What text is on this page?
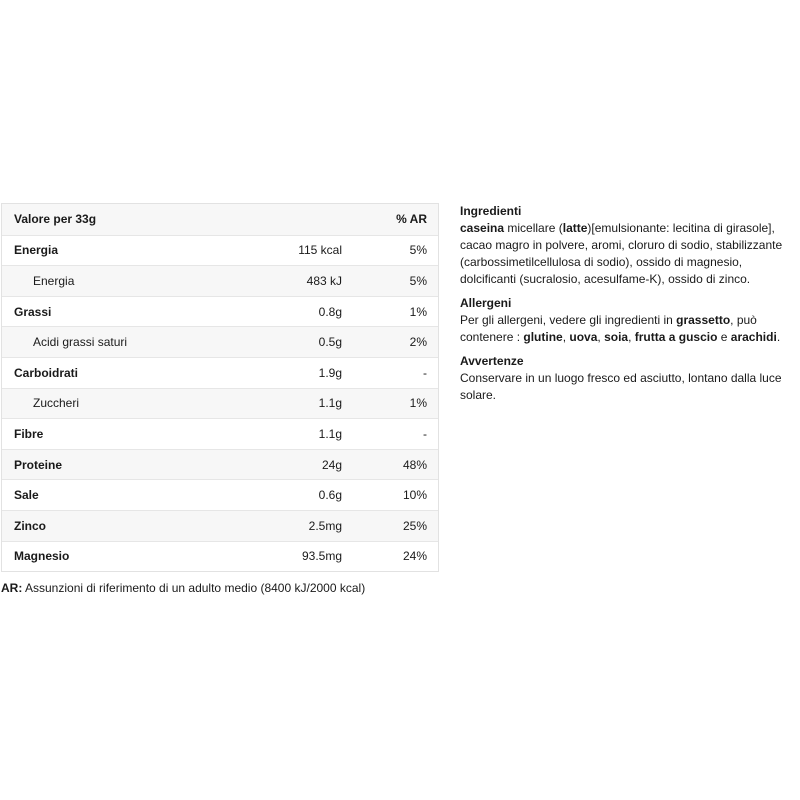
Valore per 33g	% AR
Energia	115 kcal	5%
Energia	483 kJ	5%
Grassi	0.8g	1%
Acidi grassi saturi	0.5g	2%
Carboidrati	1.9g	-
Zuccheri	1.1g	1%
Fibre	1.1g	-
Proteine	24g	48%
Sale	0.6g	10%
Zinco	2.5mg	25%
Magnesio	93.5mg	24%
AR: Assunzioni di riferimento di un adulto medio (8400 kJ/2000 kcal)
Ingredienti
caseina micellare (latte)[emulsionante: lecitina di girasole], cacao magro in polvere, aromi, cloruro di sodio, stabilizzante (carbossimetilcellulosa di sodio), ossido di magnesio, dolcificanti (sucralosio, acesulfame-K), ossido di zinco.
Allergeni
Per gli allergeni, vedere gli ingredienti in grassetto, può contenere : glutine, uova, soia, frutta a guscio e arachidi.
Avvertenze
Conservare in un luogo fresco ed asciutto, lontano dalla luce solare.
